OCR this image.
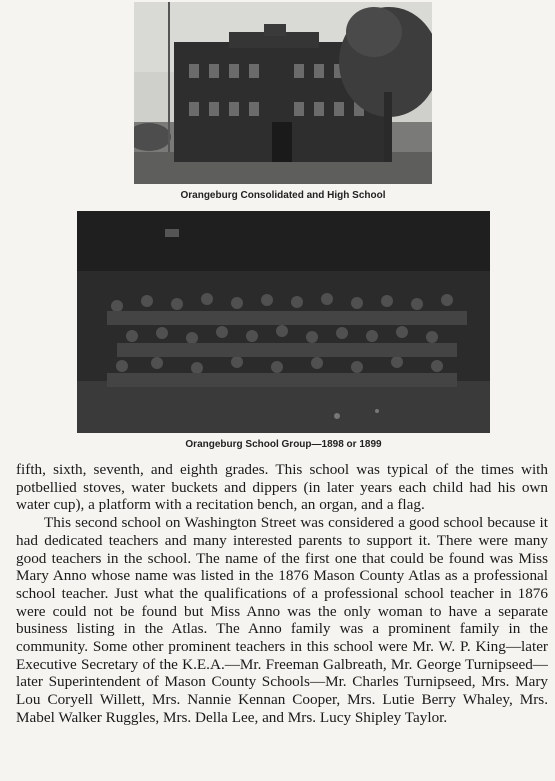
Orangeburg Consolidated and High School
Orangeburg School Group—1898 or 1899

fifth, sixth, seventh, and eighth grades. This school was typical of the times with potbellied stoves, water buckets and dippers (in later years each child had his own water cup), a platform with a recitation bench, an organ, and a flag.

This second school on Washington Street was considered a good school because it had dedicated teachers and many interested parents to support it. There were many good teachers in the school. The name of the first one that could be found was Miss Mary Anno whose name was listed in the 1876 Mason County Atlas as a professional school teacher. Just what the qualifications of a professional school teacher in 1876 were could not be found but Miss Anno was the only woman to have a separate business listing in the Atlas. The Anno family was a prominent family in the community. Some other prominent teachers in this school were Mr. W. P. King—later Executive Secretary of the K.E.A.—Mr. Freeman Galbreath, Mr. George Turnipseed—later Superintendent of Mason County Schools—Mr. Charles Turnipseed, Mrs. Mary Lou Coryell Willett, Mrs. Nannie Kennan Cooper, Mrs. Lutie Berry Whaley, Mrs. Mabel Walker Ruggles, Mrs. Della Lee, and Mrs. Lucy Shipley Taylor.
